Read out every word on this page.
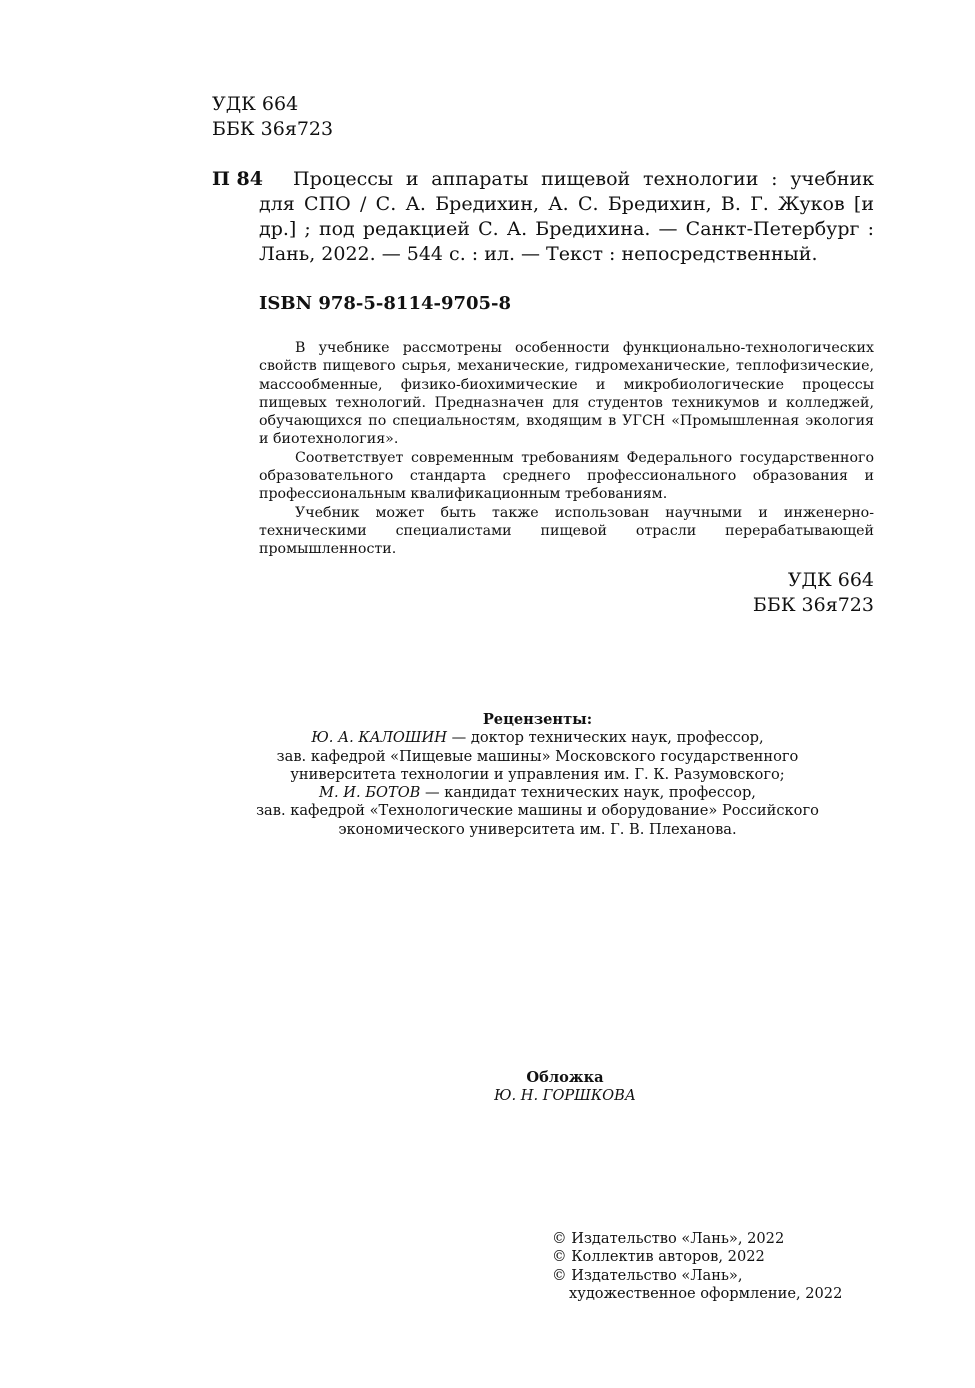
УДК 664
ББК 36я723
П 84	Процессы и аппараты пищевой технологии : учебник для СПО / С. А. Бредихин, А. С. Бредихин, В. Г. Жуков [и др.] ; под редакцией С. А. Бредихина. — Санкт-Петербург : Лань, 2022. — 544 с. : ил. — Текст : непосредственный.
ISBN 978-5-8114-9705-8

В учебнике рассмотрены особенности функционально-технологических свойств пищевого сырья, механические, гидромеханические, теплофизические, массообменные, физико-биохимические и микробиологические процессы пищевых технологий. Предназначен для студентов техникумов и колледжей, обучающихся по специальностям, входящим в УГСН «Промышленная экология и биотехнология».

Соответствует современным требованиям Федерального государственного образовательного стандарта среднего профессионального образования и профессиональным квалификационным требованиям.

Учебник может быть также использован научными и инженерно-техническими специалистами пищевой отрасли перерабатывающей промышленности.

УДК 664
ББК 36я723
Рецензенты:
Ю. А. КАЛОШИН — доктор технических наук, профессор,
зав. кафедрой «Пищевые машины» Московского государственного
университета технологии и управления им. Г. К. Разумовского;
М. И. БОТОВ — кандидат технических наук, профессор,
зав. кафедрой «Технологические машины и оборудование» Российского
экономического университета им. Г. В. Плеханова.
Обложка
Ю. Н. ГОРШКОВА
© Издательство «Лань», 2022
© Коллектив авторов, 2022
© Издательство «Лань»,
художественное оформление, 2022
